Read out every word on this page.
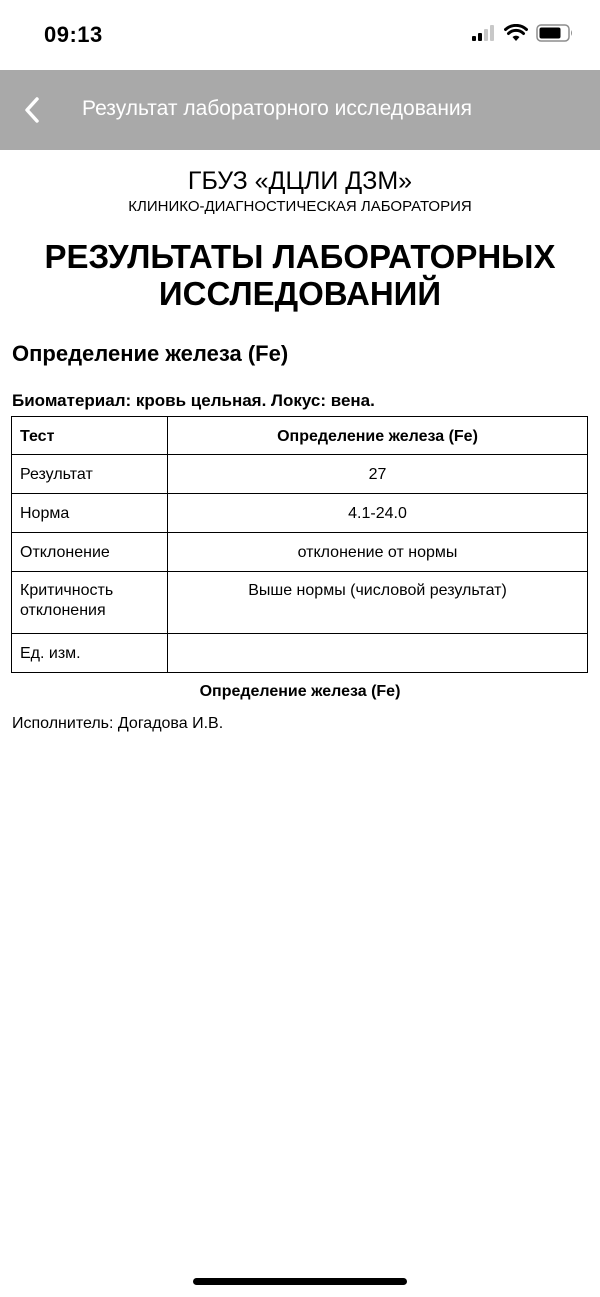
09:13
Результат лабораторного исследования
ГБУЗ «ДЦЛИ ДЗМ»
КЛИНИКО-ДИАГНОСТИЧЕСКАЯ ЛАБОРАТОРИЯ
РЕЗУЛЬТАТЫ ЛАБОРАТОРНЫХ
ИССЛЕДОВАНИЙ
Определение железа (Fe)
Биоматериал: кровь цельная. Локус: вена.
Тест	Определение железа (Fe)
Результат	27
Норма	4.1-24.0
Отклонение	отклонение от нормы

Критичность
отклонения	Выше нормы (числовой результат)
Ед. изм.	
Определение железа (Fe)
Исполнитель: Догадова И.В.
